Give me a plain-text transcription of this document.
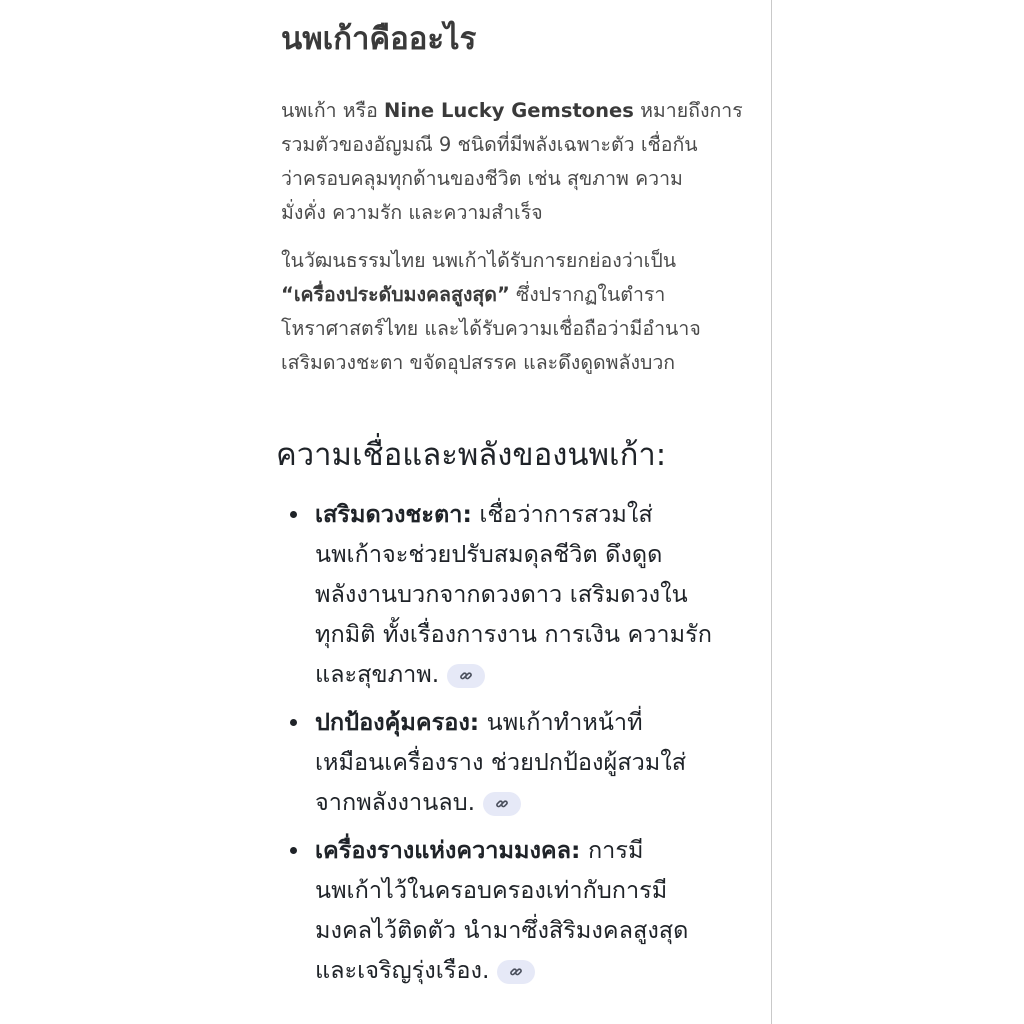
นพเก้าคืออะไร

นพเก้า หรือ Nine Lucky Gemstones หมายถึงการ
รวมตัวของอัญมณี 9 ชนิดที่มีพลังเฉพาะตัว เชื่อกัน
ว่าครอบคลุมทุกด้านของชีวิต เช่น สุขภาพ ความ
มั่งคั่ง ความรัก และความสำเร็จ

ในวัฒนธรรมไทย นพเก้าได้รับการยกย่องว่าเป็น
“เครื่องประดับมงคลสูงสุด” ซึ่งปรากฏในตำรา
โหราศาสตร์ไทย และได้รับความเชื่อถือว่ามีอำนาจ
เสริมดวงชะตา ขจัดอุปสรรค และดึงดูดพลังบวก

ความเชื่อและพลังของนพเก้า:
เสริมดวงชะตา: เชื่อว่าการสวมใส่
นพเก้าจะช่วยปรับสมดุลชีวิต ดึงดูด
พลังงานบวกจากดวงดาว เสริมดวงใน
ทุกมิติ ทั้งเรื่องการงาน การเงิน ความรัก
และสุขภาพ.
ปกป้องคุ้มครอง: นพเก้าทำหน้าที่
เหมือนเครื่องราง ช่วยปกป้องผู้สวมใส่
จากพลังงานลบ.
เครื่องรางแห่งความมงคล: การมี
นพเก้าไว้ในครอบครองเท่ากับการมี
มงคลไว้ติดตัว นำมาซึ่งสิริมงคลสูงสุด
และเจริญรุ่งเรือง.
